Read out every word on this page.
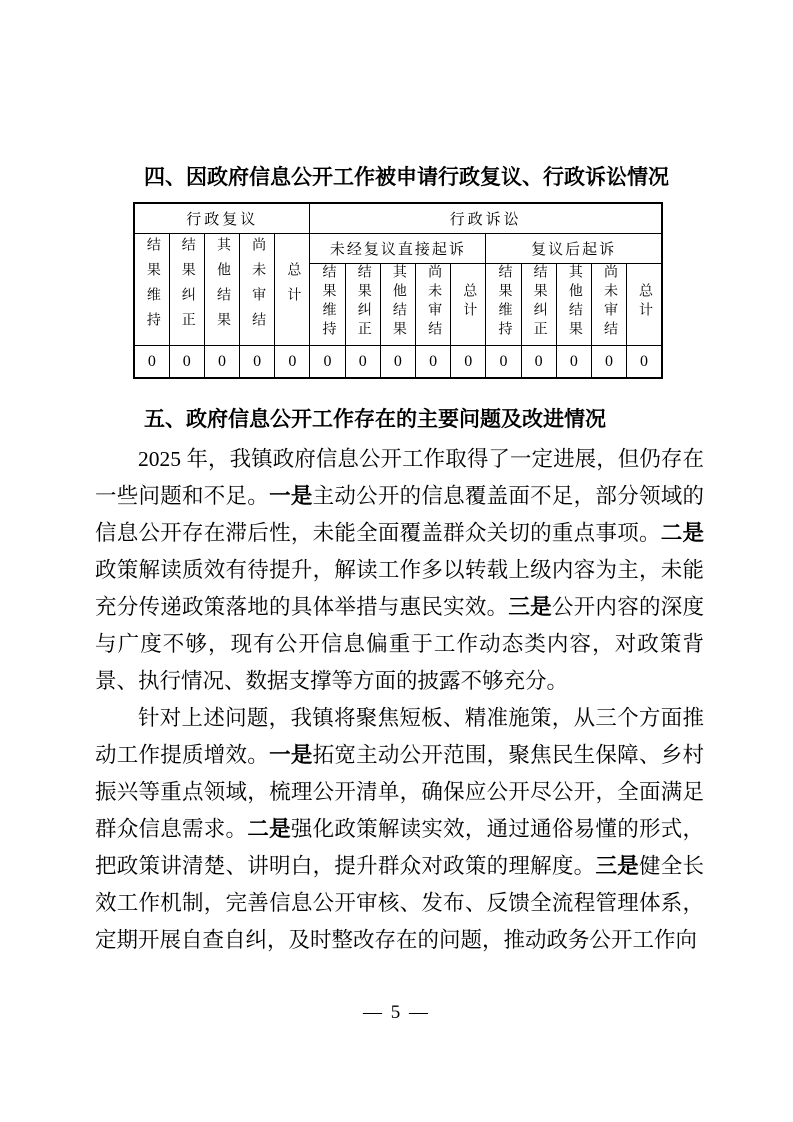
四、因政府信息公开工作被申请行政复议、行政诉讼情况
行政复议					行政诉讼									
结果维持	结果纠正	其他结果	尚未审结	总计	未经复议直接起诉					复议后起诉				
					结果维持	结果纠正	其他结果	尚未审结	总计	结果维持	结果纠正	其他结果	尚未审结	总计
0	0	0	0	0	0	0	0	0	0	0	0	0	0	0
五、政府信息公开工作存在的主要问题及改进情况

2025 年，我镇政府信息公开工作取得了一定进展，但仍存在一些问题和不足。一是主动公开的信息覆盖面不足，部分领域的信息公开存在滞后性，未能全面覆盖群众关切的重点事项。二是政策解读质效有待提升，解读工作多以转载上级内容为主，未能充分传递政策落地的具体举措与惠民实效。三是公开内容的深度与广度不够，现有公开信息偏重于工作动态类内容，对政策背景、执行情况、数据支撑等方面的披露不够充分。

针对上述问题，我镇将聚焦短板、精准施策，从三个方面推动工作提质增效。一是拓宽主动公开范围，聚焦民生保障、乡村振兴等重点领域，梳理公开清单，确保应公开尽公开，全面满足群众信息需求。二是强化政策解读实效，通过通俗易懂的形式，把政策讲清楚、讲明白，提升群众对政策的理解度。三是健全长效工作机制，完善信息公开审核、发布、反馈全流程管理体系，定期开展自查自纠，及时整改存在的问题，推动政务公开工作向

— 5 —
